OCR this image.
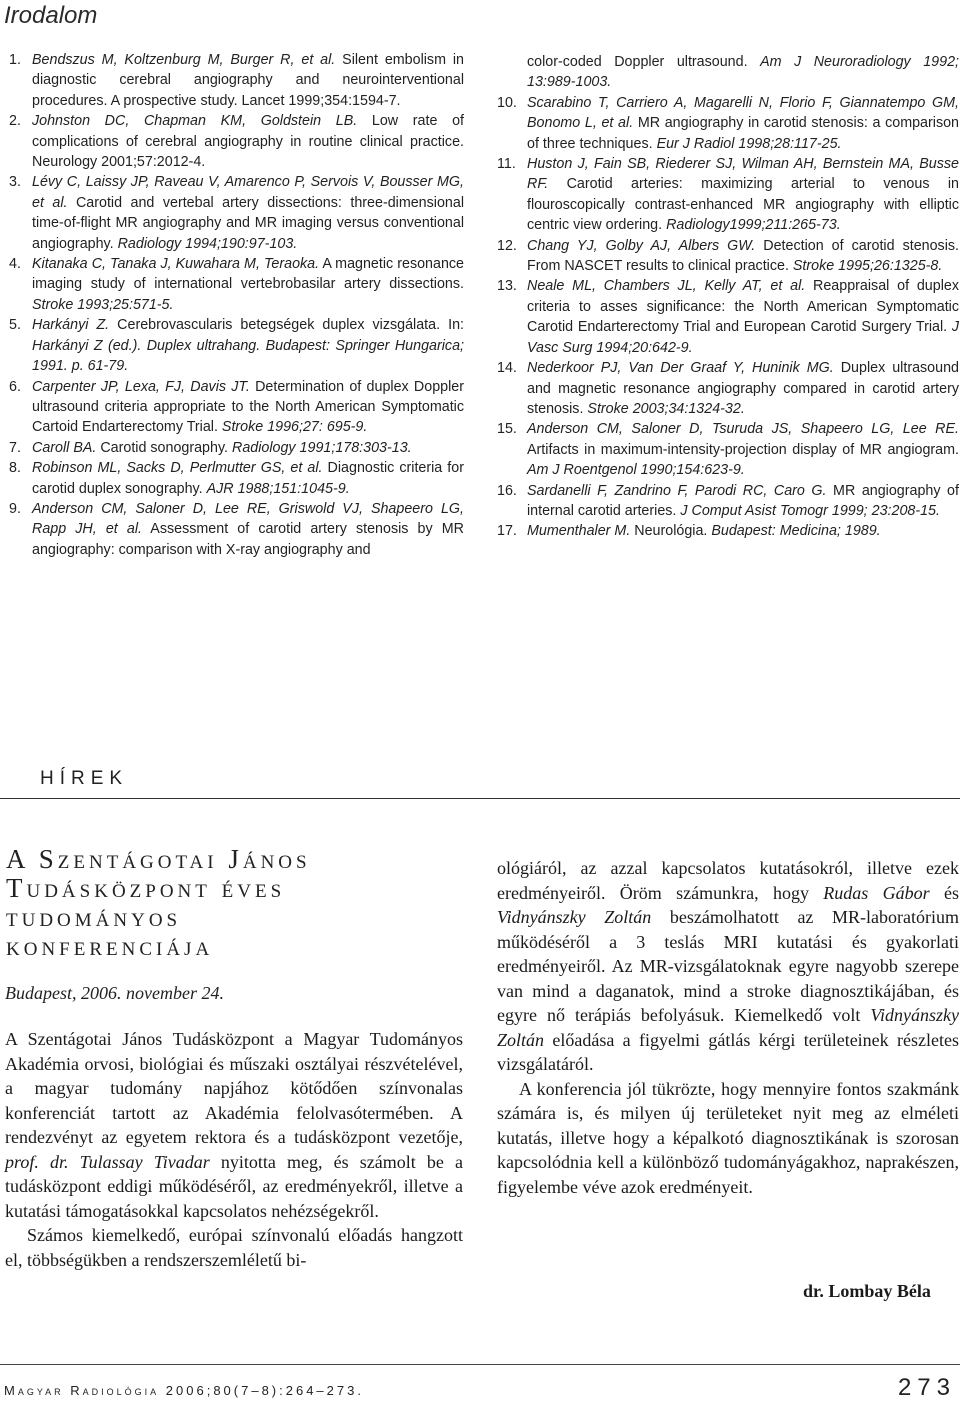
Irodalom
1. Bendszus M, Koltzenburg M, Burger R, et al. Silent embolism in diagnostic cerebral angiography and neurointerventional procedures. A prospective study. Lancet 1999;354:1594-7.
2. Johnston DC, Chapman KM, Goldstein LB. Low rate of complications of cerebral angiography in routine clinical practice. Neurology 2001;57:2012-4.
3. Lévy C, Laissy JP, Raveau V, Amarenco P, Servois V, Bousser MG, et al. Carotid and vertebal artery dissections: three-dimensional time-of-flight MR angiography and MR imaging versus conventional angiography. Radiology 1994;190:97-103.
4. Kitanaka C, Tanaka J, Kuwahara M, Teraoka. A magnetic resonance imaging study of international vertebrobasilar artery dissections. Stroke 1993;25:571-5.
5. Harkányi Z. Cerebrovascularis betegségek duplex vizsgálata. In: Harkányi Z (ed.). Duplex ultrahang. Budapest: Springer Hungarica; 1991. p. 61-79.
6. Carpenter JP, Lexa, FJ, Davis JT. Determination of duplex Doppler ultrasound criteria appropriate to the North American Symptomatic Cartoid Endarterectomy Trial. Stroke 1996;27: 695-9.
7. Caroll BA. Carotid sonography. Radiology 1991;178:303-13.
8. Robinson ML, Sacks D, Perlmutter GS, et al. Diagnostic criteria for carotid duplex sonography. AJR 1988;151:1045-9.
9. Anderson CM, Saloner D, Lee RE, Griswold VJ, Shapeero LG, Rapp JH, et al. Assessment of carotid artery stenosis by MR angiography: comparison with X-ray angiography and
color-coded Doppler ultrasound. Am J Neuroradiology 1992; 13:989-1003.
10. Scarabino T, Carriero A, Magarelli N, Florio F, Giannatempo GM, Bonomo L, et al. MR angiography in carotid stenosis: a comparison of three techniques. Eur J Radiol 1998;28:117-25.
11. Huston J, Fain SB, Riederer SJ, Wilman AH, Bernstein MA, Busse RF. Carotid arteries: maximizing arterial to venous in flouroscopically contrast-enhanced MR angiography with elliptic centric view ordering. Radiology1999;211:265-73.
12. Chang YJ, Golby AJ, Albers GW. Detection of carotid stenosis. From NASCET results to clinical practice. Stroke 1995;26:1325-8.
13. Neale ML, Chambers JL, Kelly AT, et al. Reappraisal of duplex criteria to asses significance: the North American Symptomatic Carotid Endarterectomy Trial and European Carotid Surgery Trial. J Vasc Surg 1994;20:642-9.
14. Nederkoor PJ, Van Der Graaf Y, Huninik MG. Duplex ultrasound and magnetic resonance angiography compared in carotid artery stenosis. Stroke 2003;34:1324-32.
15. Anderson CM, Saloner D, Tsuruda JS, Shapeero LG, Lee RE. Artifacts in maximum-intensity-projection display of MR angiogram. Am J Roentgenol 1990;154:623-9.
16. Sardanelli F, Zandrino F, Parodi RC, Caro G. MR angiography of internal carotid arteries. J Comput Asist Tomogr 1999; 23:208-15.
17. Mumenthaler M. Neurológia. Budapest: Medicina; 1989.
HÍREK
A Szentágotai János
Tudásközpont éves
tudományos
konferenciája
Budapest, 2006. november 24.

A Szentágotai János Tudásközpont a Magyar Tudományos Akadémia orvosi, biológiai és műszaki osztályai részvételével, a magyar tudomány napjához kötődően színvonalas konferenciát tartott az Akadémia felolvasótermében. A rendezvényt az egyetem rektora és a tudásközpont vezetője, prof. dr. Tulassay Tivadar nyitotta meg, és számolt be a tudásközpont eddigi működéséről, az eredményekről, illetve a kutatási támogatásokkal kapcsolatos nehézségekről.

Számos kiemelkedő, európai színvonalú előadás hangzott el, többségükben a rendszerszemléletű bi-

ológiáról, az azzal kapcsolatos kutatásokról, illetve ezek eredményeiről. Öröm számunkra, hogy Rudas Gábor és Vidnyánszky Zoltán beszámolhatott az MR-laboratórium működéséről a 3 teslás MRI kutatási és gyakorlati eredményeiről. Az MR-vizsgálatoknak egyre nagyobb szerepe van mind a daganatok, mind a stroke diagnosztikájában, és egyre nő terápiás befolyásuk. Kiemelkedő volt Vidnyánszky Zoltán előadása a figyelmi gátlás kérgi területeinek részletes vizsgálatáról.

A konferencia jól tükrözte, hogy mennyire fontos szakmánk számára is, és milyen új területeket nyit meg az elméleti kutatás, illetve hogy a képalkotó diagnosztikának is szorosan kapcsolódnia kell a különböző tudományágakhoz, naprakészen, figyelembe véve azok eredményeit.

dr. Lombay Béla
Magyar Radiológia 2006;80(7–8):264–273.	273
